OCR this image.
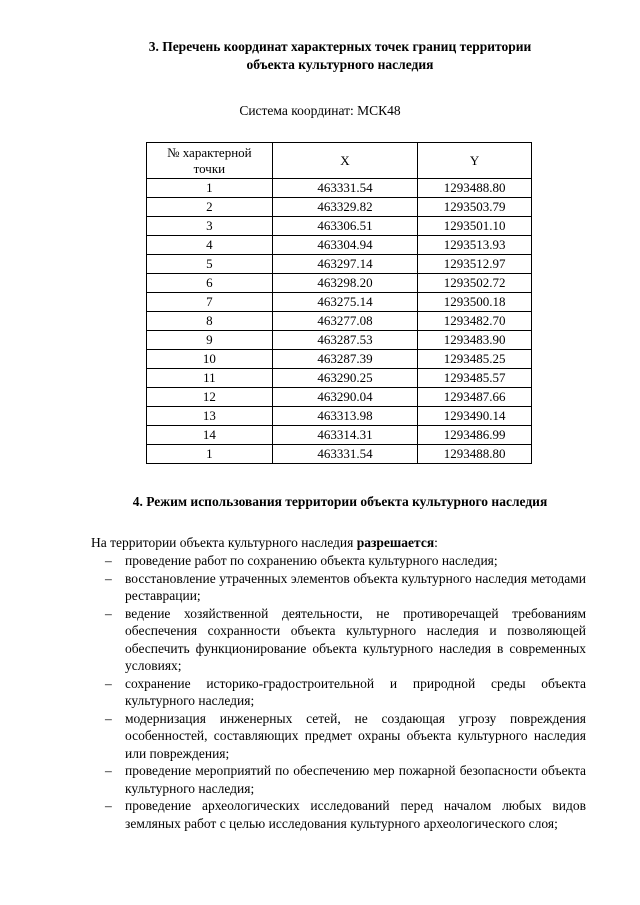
3. Перечень координат характерных точек границ территории
объекта культурного наследия
Система координат: МСК48
№ характерной
точки	X	Y
1	463331.54	1293488.80
2	463329.82	1293503.79
3	463306.51	1293501.10
4	463304.94	1293513.93
5	463297.14	1293512.97
6	463298.20	1293502.72
7	463275.14	1293500.18
8	463277.08	1293482.70
9	463287.53	1293483.90
10	463287.39	1293485.25
11	463290.25	1293485.57
12	463290.04	1293487.66
13	463313.98	1293490.14
14	463314.31	1293486.99
1	463331.54	1293488.80
4. Режим использования территории объекта культурного наследия
На территории объекта культурного наследия разрешается:
– проведение работ по сохранению объекта культурного наследия;
– восстановление утраченных элементов объекта культурного наследия методами реставрации;
– ведение хозяйственной деятельности, не противоречащей требованиям обеспечения сохранности объекта культурного наследия и позволяющей обеспечить функционирование объекта культурного наследия в современных условиях;
– сохранение историко-градостроительной и природной среды объекта культурного наследия;
– модернизация инженерных сетей, не создающая угрозу повреждения особенностей, составляющих предмет охраны объекта культурного наследия или повреждения;
– проведение мероприятий по обеспечению мер пожарной безопасности объекта культурного наследия;
– проведение археологических исследований перед началом любых видов земляных работ с целью исследования культурного археологического слоя;
